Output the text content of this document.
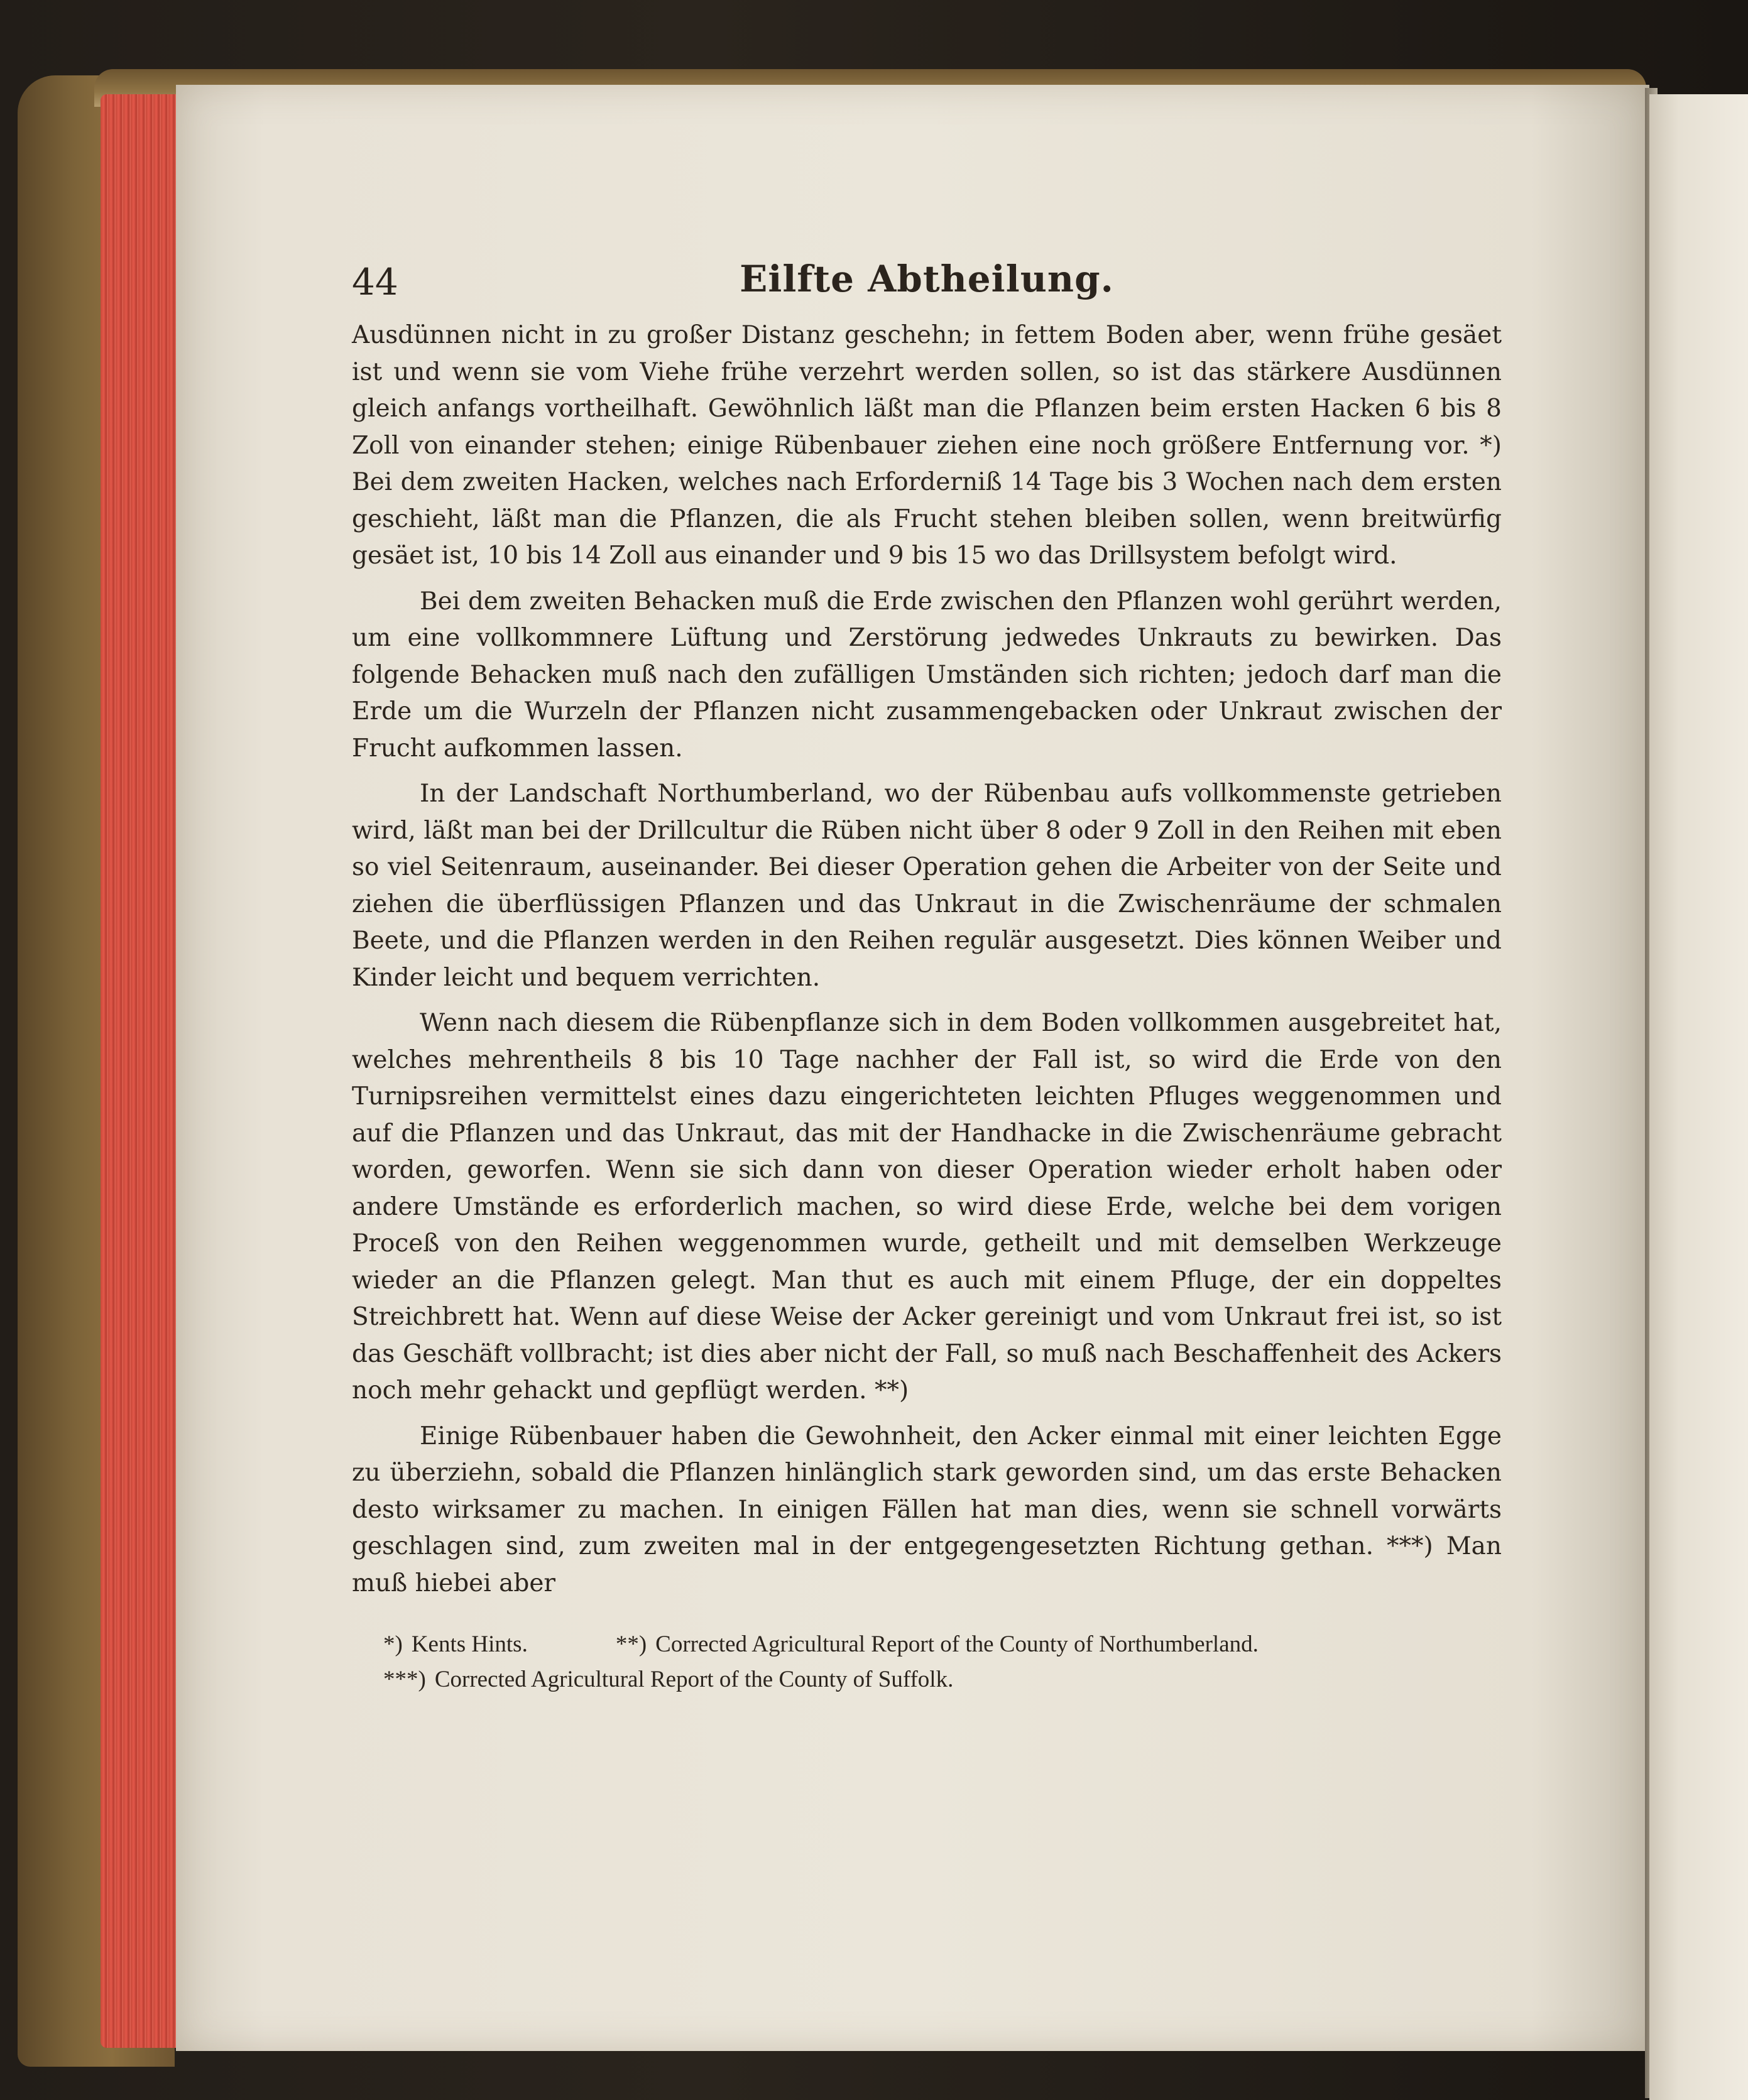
44	Eilfte Abtheilung.

Ausdünnen nicht in zu großer Distanz geschehn; in fettem Boden aber, wenn frühe gesäet ist und wenn sie vom Viehe frühe verzehrt werden sollen, so ist das stärkere Ausdünnen gleich anfangs vortheilhaft. Gewöhnlich läßt man die Pflanzen beim ersten Hacken 6 bis 8 Zoll von einander stehen; einige Rübenbauer ziehen eine noch größere Entfernung vor. *) Bei dem zweiten Hacken, welches nach Erforderniß 14 Tage bis 3 Wochen nach dem ersten geschieht, läßt man die Pflanzen, die als Frucht stehen bleiben sollen, wenn breitwürfig gesäet ist, 10 bis 14 Zoll aus einander und 9 bis 15 wo das Drillsystem befolgt wird.

Bei dem zweiten Behacken muß die Erde zwischen den Pflanzen wohl gerührt werden, um eine vollkommnere Lüftung und Zerstörung jedwedes Unkrauts zu bewirken. Das folgende Behacken muß nach den zufälligen Umständen sich richten; jedoch darf man die Erde um die Wurzeln der Pflanzen nicht zusammengebacken oder Unkraut zwischen der Frucht aufkommen lassen.

In der Landschaft Northumberland, wo der Rübenbau aufs vollkommenste getrieben wird, läßt man bei der Drillcultur die Rüben nicht über 8 oder 9 Zoll in den Reihen mit eben so viel Seitenraum, auseinander. Bei dieser Operation gehen die Arbeiter von der Seite und ziehen die überflüssigen Pflanzen und das Unkraut in die Zwischenräume der schmalen Beete, und die Pflanzen werden in den Reihen regulär ausgesetzt. Dies können Weiber und Kinder leicht und bequem verrichten.

Wenn nach diesem die Rübenpflanze sich in dem Boden vollkommen ausgebreitet hat, welches mehrentheils 8 bis 10 Tage nachher der Fall ist, so wird die Erde von den Turnipsreihen vermittelst eines dazu eingerichteten leichten Pfluges weggenommen und auf die Pflanzen und das Unkraut, das mit der Handhacke in die Zwischenräume gebracht worden, geworfen. Wenn sie sich dann von dieser Operation wieder erholt haben oder andere Umstände es erforderlich machen, so wird diese Erde, welche bei dem vorigen Proceß von den Reihen weggenommen wurde, getheilt und mit demselben Werkzeuge wieder an die Pflanzen gelegt. Man thut es auch mit einem Pfluge, der ein doppeltes Streichbrett hat. Wenn auf diese Weise der Acker gereinigt und vom Unkraut frei ist, so ist das Geschäft vollbracht; ist dies aber nicht der Fall, so muß nach Beschaffenheit des Ackers noch mehr gehackt und gepflügt werden. **)

Einige Rübenbauer haben die Gewohnheit, den Acker einmal mit einer leichten Egge zu überziehn, sobald die Pflanzen hinlänglich stark geworden sind, um das erste Behacken desto wirksamer zu machen. In einigen Fällen hat man dies, wenn sie schnell vorwärts geschlagen sind, zum zweiten mal in der entgegengesetzten Richtung gethan. ***) Man muß hiebei aber

*) Kents Hints.	**) Corrected Agricultural Report of the County of Northumberland.
***) Corrected Agricultural Report of the County of Suffolk.
